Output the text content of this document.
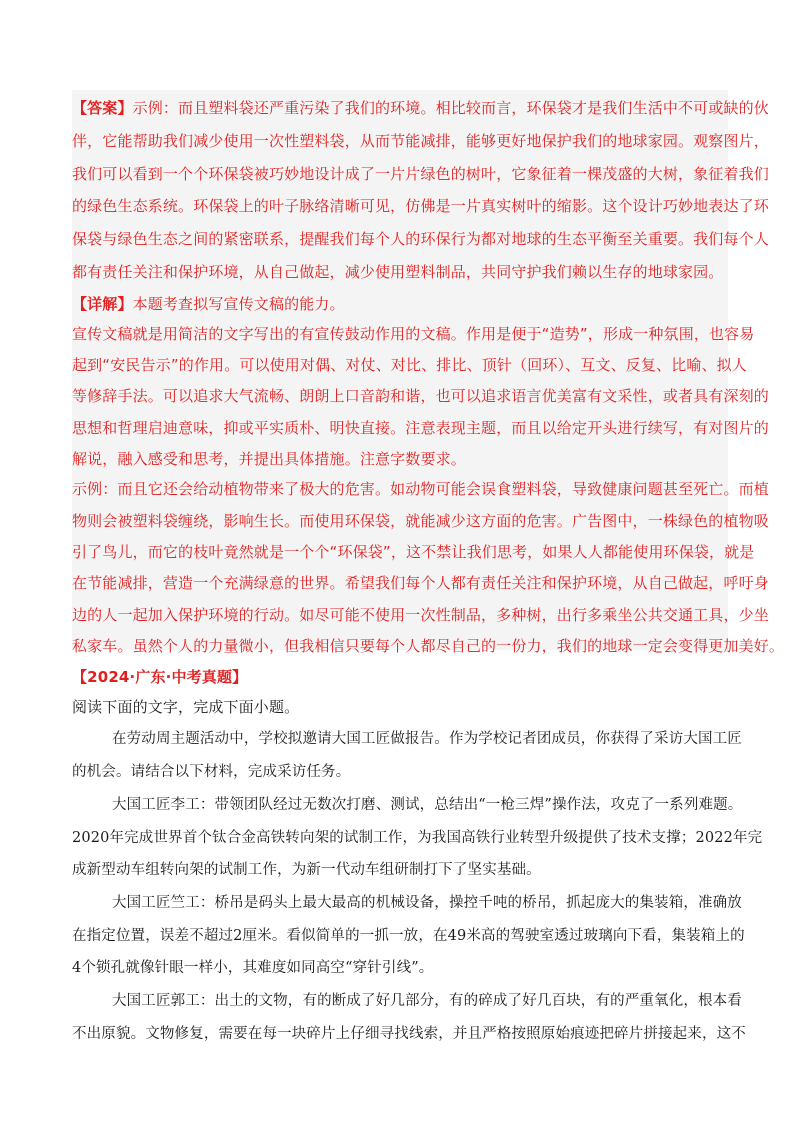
【答案】示例：而且塑料袋还严重污染了我们的环境。相比较而言，环保袋才是我们生活中不可或缺的伙
伴，它能帮助我们减少使用一次性塑料袋，从而节能减排，能够更好地保护我们的地球家园。观察图片，
我们可以看到一个个环保袋被巧妙地设计成了一片片绿色的树叶，它象征着一棵茂盛的大树，象征着我们
的绿色生态系统。环保袋上的叶子脉络清晰可见，仿佛是一片真实树叶的缩影。这个设计巧妙地表达了环
保袋与绿色生态之间的紧密联系，提醒我们每个人的环保行为都对地球的生态平衡至关重要。我们每个人
都有责任关注和保护环境，从自己做起，减少使用塑料制品，共同守护我们赖以生存的地球家园。
【详解】本题考查拟写宣传文稿的能力。
宣传文稿就是用简洁的文字写出的有宣传鼓动作用的文稿。作用是便于“造势”，形成一种氛围，也容易
起到“安民告示”的作用。可以使用对偶、对仗、对比、排比、顶针（回环）、互文、反复、比喻、拟人
等修辞手法。可以追求大气流畅、朗朗上口音韵和谐，也可以追求语言优美富有文采性，或者具有深刻的
思想和哲理启迪意味，抑或平实质朴、明快直接。注意表现主题，而且以给定开头进行续写，有对图片的
解说，融入感受和思考，并提出具体措施。注意字数要求。
示例：而且它还会给动植物带来了极大的危害。如动物可能会误食塑料袋，导致健康问题甚至死亡。而植
物则会被塑料袋缠绕，影响生长。而使用环保袋，就能减少这方面的危害。广告图中，一株绿色的植物吸
引了鸟儿，而它的枝叶竟然就是一个个“环保袋”，这不禁让我们思考，如果人人都能使用环保袋，就是
在节能减排，营造一个充满绿意的世界。希望我们每个人都有责任关注和保护环境，从自己做起，呼吁身
边的人一起加入保护环境的行动。如尽可能不使用一次性制品，多种树，出行多乘坐公共交通工具，少坐
私家车。虽然个人的力量微小，但我相信只要每个人都尽自己的一份力，我们的地球一定会变得更加美好。
【2024·广东·中考真题】
阅读下面的文字，完成下面小题。
在劳动周主题活动中，学校拟邀请大国工匠做报告。作为学校记者团成员，你获得了采访大国工匠
的机会。请结合以下材料，完成采访任务。
大国工匠李工：带领团队经过无数次打磨、测试，总结出“一枪三焊”操作法，攻克了一系列难题。
2020年完成世界首个钛合金高铁转向架的试制工作，为我国高铁行业转型升级提供了技术支撑；2022年完
成新型动车组转向架的试制工作，为新一代动车组研制打下了坚实基础。
大国工匠竺工：桥吊是码头上最大最高的机械设备，操控千吨的桥吊，抓起庞大的集装箱，准确放
在指定位置，误差不超过2厘米。看似简单的一抓一放，在49米高的驾驶室透过玻璃向下看，集装箱上的
4个锁孔就像针眼一样小，其难度如同高空“穿针引线”。
大国工匠郭工：出土的文物，有的断成了好几部分，有的碎成了好几百块，有的严重氧化，根本看
不出原貌。文物修复，需要在每一块碎片上仔细寻找线索，并且严格按照原始痕迹把碎片拼接起来，这不
